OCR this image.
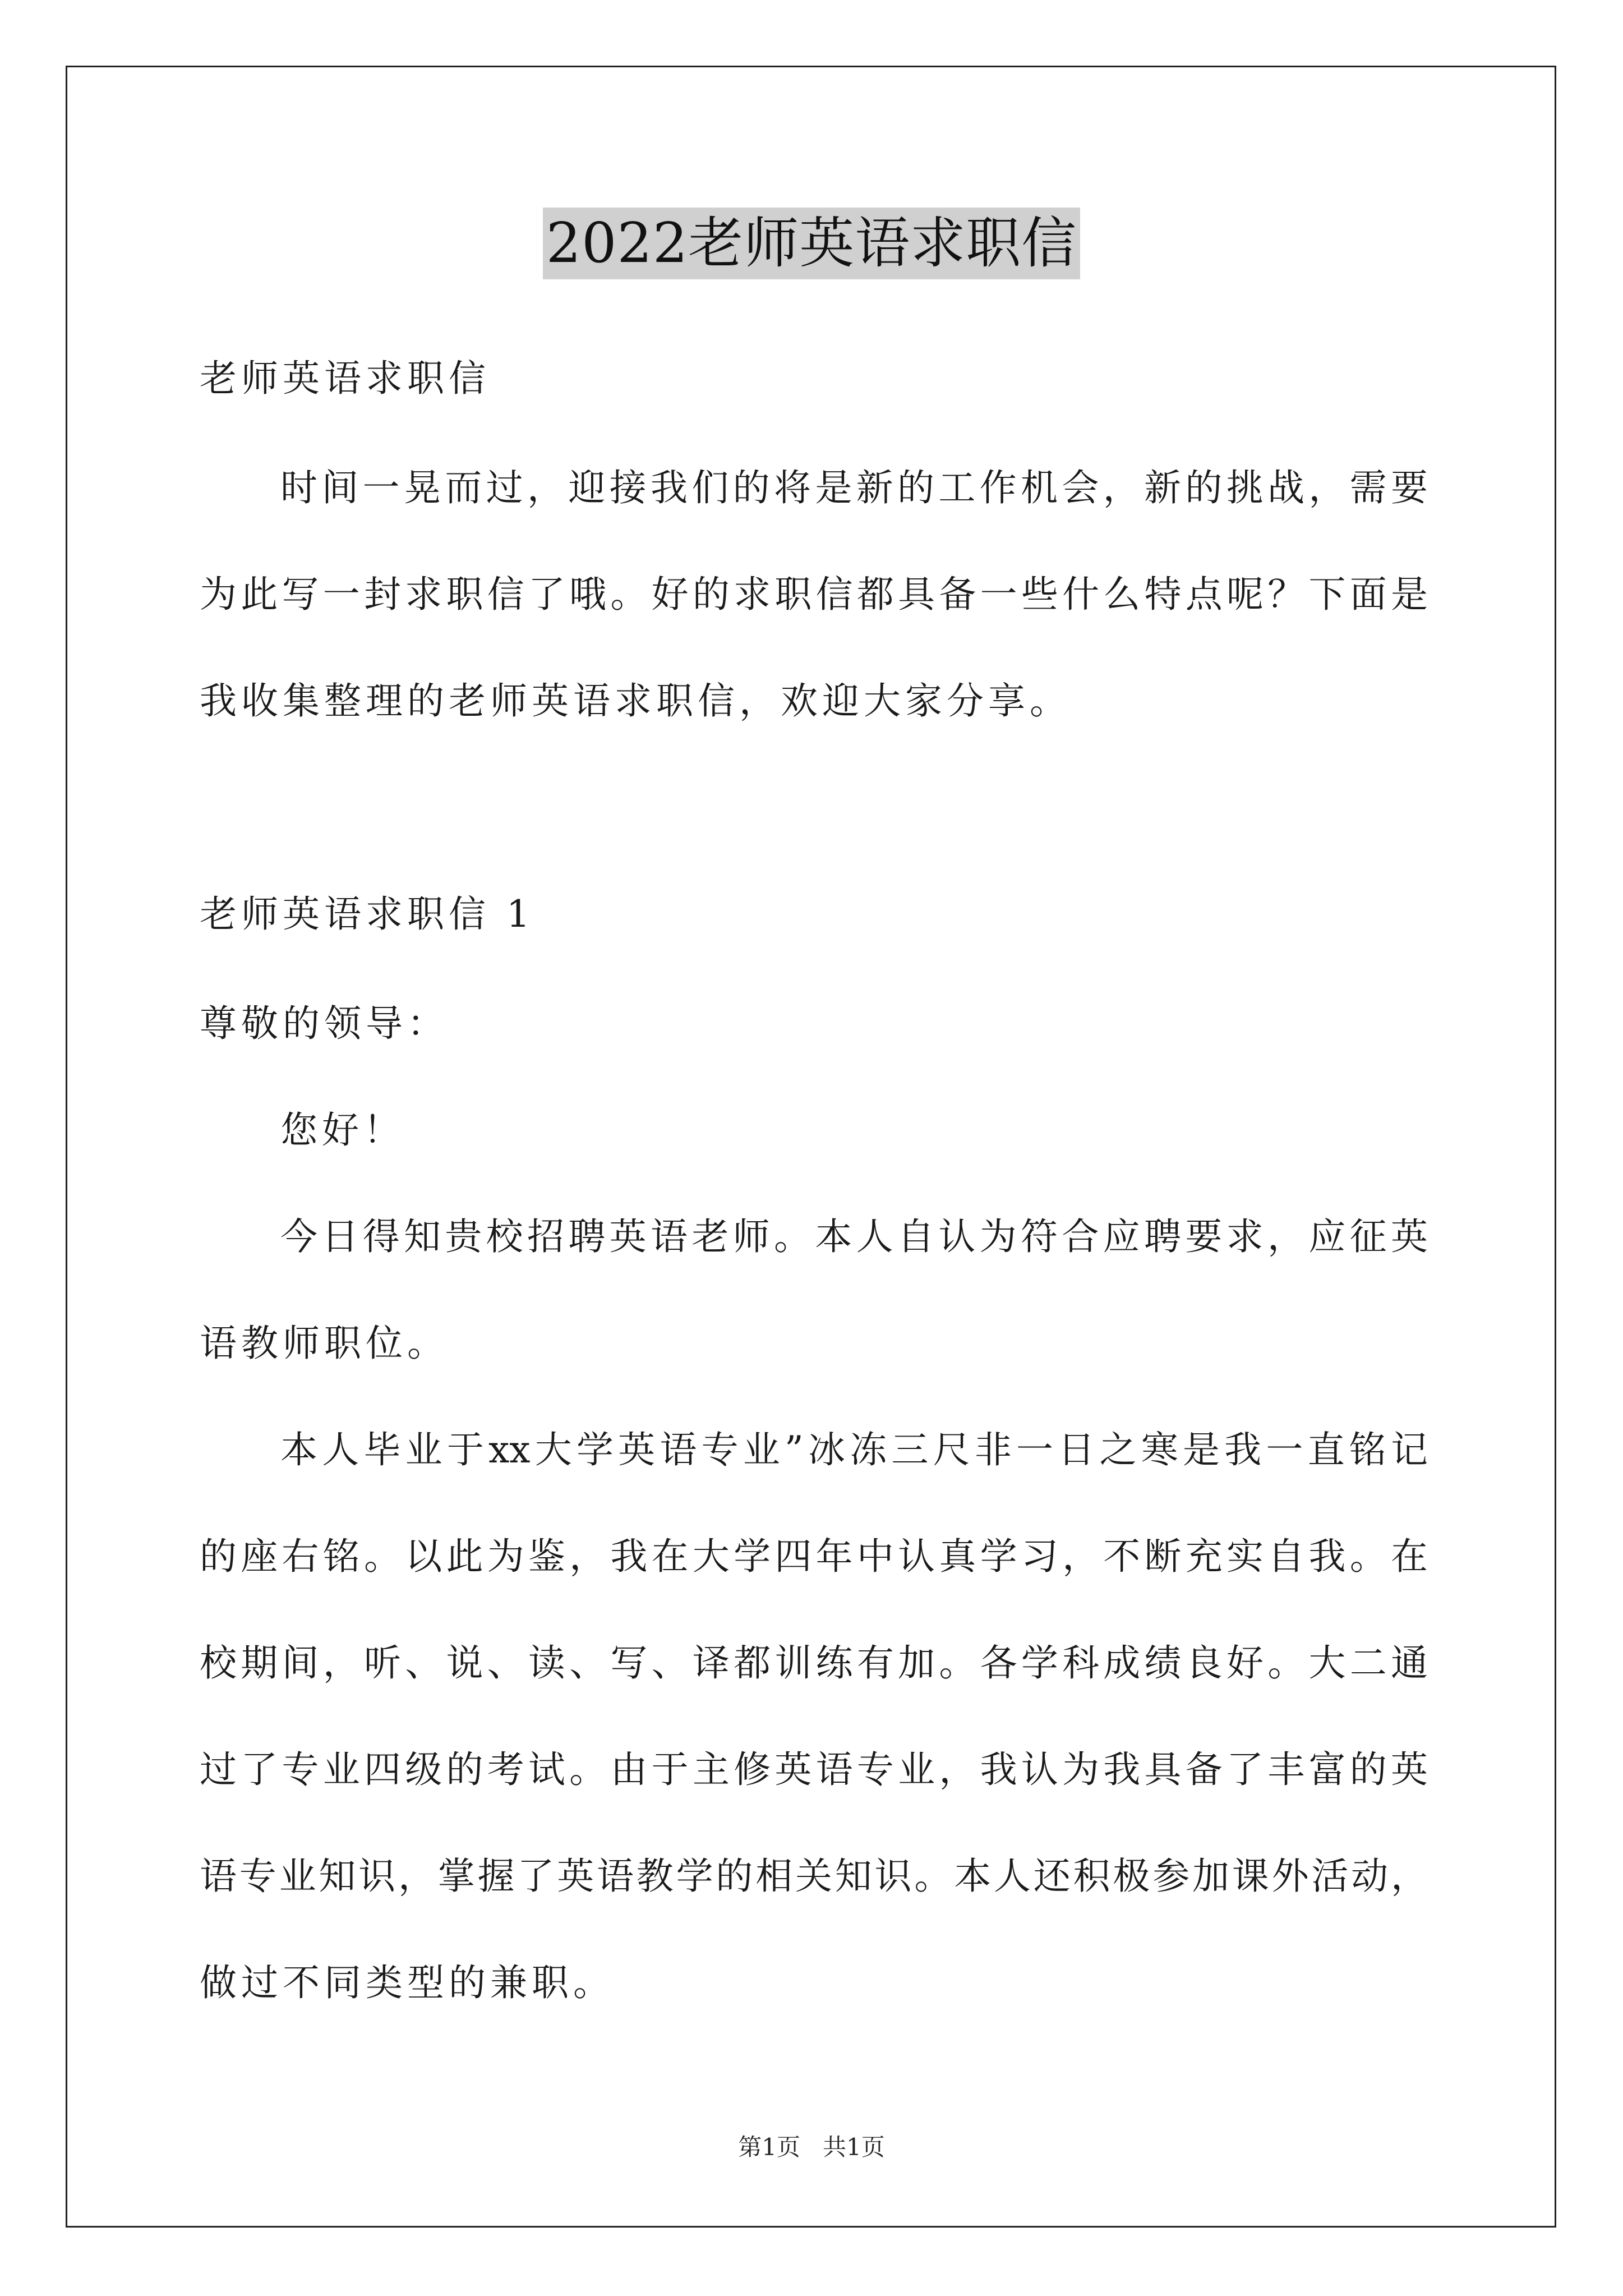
2022老师英语求职信
老师英语求职信
时间一晃而过，迎接我们的将是新的工作机会，新的挑战，需要
为此写一封求职信了哦。好的求职信都具备一些什么特点呢？下面是
我收集整理的老师英语求职信，欢迎大家分享。
老师英语求职信 1
尊敬的领导：
您好！
今日得知贵校招聘英语老师。本人自认为符合应聘要求，应征英
语教师职位。
本人毕业于xx大学英语专业”冰冻三尺非一日之寒是我一直铭记
的座右铭。以此为鉴，我在大学四年中认真学习，不断充实自我。在
校期间，听、说、读、写、译都训练有加。各学科成绩良好。大二通
过了专业四级的考试。由于主修英语专业，我认为我具备了丰富的英
语专业知识，掌握了英语教学的相关知识。本人还积极参加课外活动，
做过不同类型的兼职。
第1页   共1页
